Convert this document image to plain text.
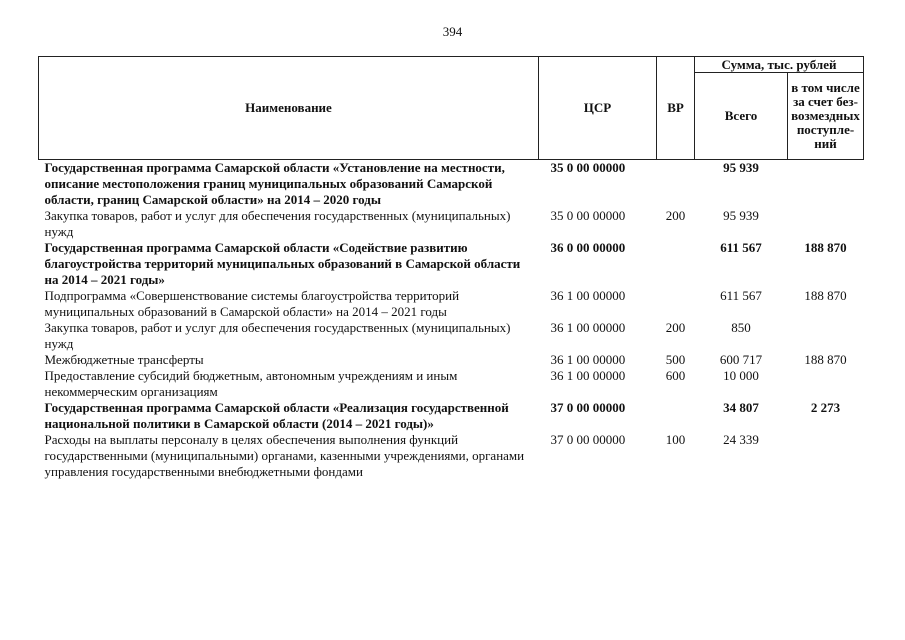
394
Наименование	ЦСР	ВР	Сумма, тыс. рублей	
			Всего	в том числе за счет без-возмездных поступле-ний
Государственная программа Самарской области «Установление на местности, описание местоположения границ муниципальных образований Самарской области, границ Самарской области» на 2014 – 2020 годы	35 0 00 00000		95 939	
Закупка товаров, работ и услуг для обеспечения государственных (муниципальных) нужд	35 0 00 00000	200	95 939	
Государственная программа Самарской области «Содействие развитию благоустройства территорий муниципальных образований в Самарской области на 2014 – 2021 годы»	36 0 00 00000		611 567	188 870
Подпрограмма «Совершенствование системы благоустройства территорий муниципальных образований в Самарской области» на 2014 – 2021 годы	36 1 00 00000		611 567	188 870
Закупка товаров, работ и услуг для обеспечения государственных (муниципальных) нужд	36 1 00 00000	200	850	
Межбюджетные трансферты	36 1 00 00000	500	600 717	188 870
Предоставление субсидий бюджетным, автономным учреждениям и иным некоммерческим организациям	36 1 00 00000	600	10 000	
Государственная программа Самарской области «Реализация государственной национальной политики в Самарской области (2014 – 2021 годы)»	37 0 00 00000		34 807	2 273
Расходы на выплаты персоналу в целях обеспечения выполнения функций государственными (муниципальными) органами, казенными учреждениями, органами управления государственными внебюджетными фондами	37 0 00 00000	100	24 339	
